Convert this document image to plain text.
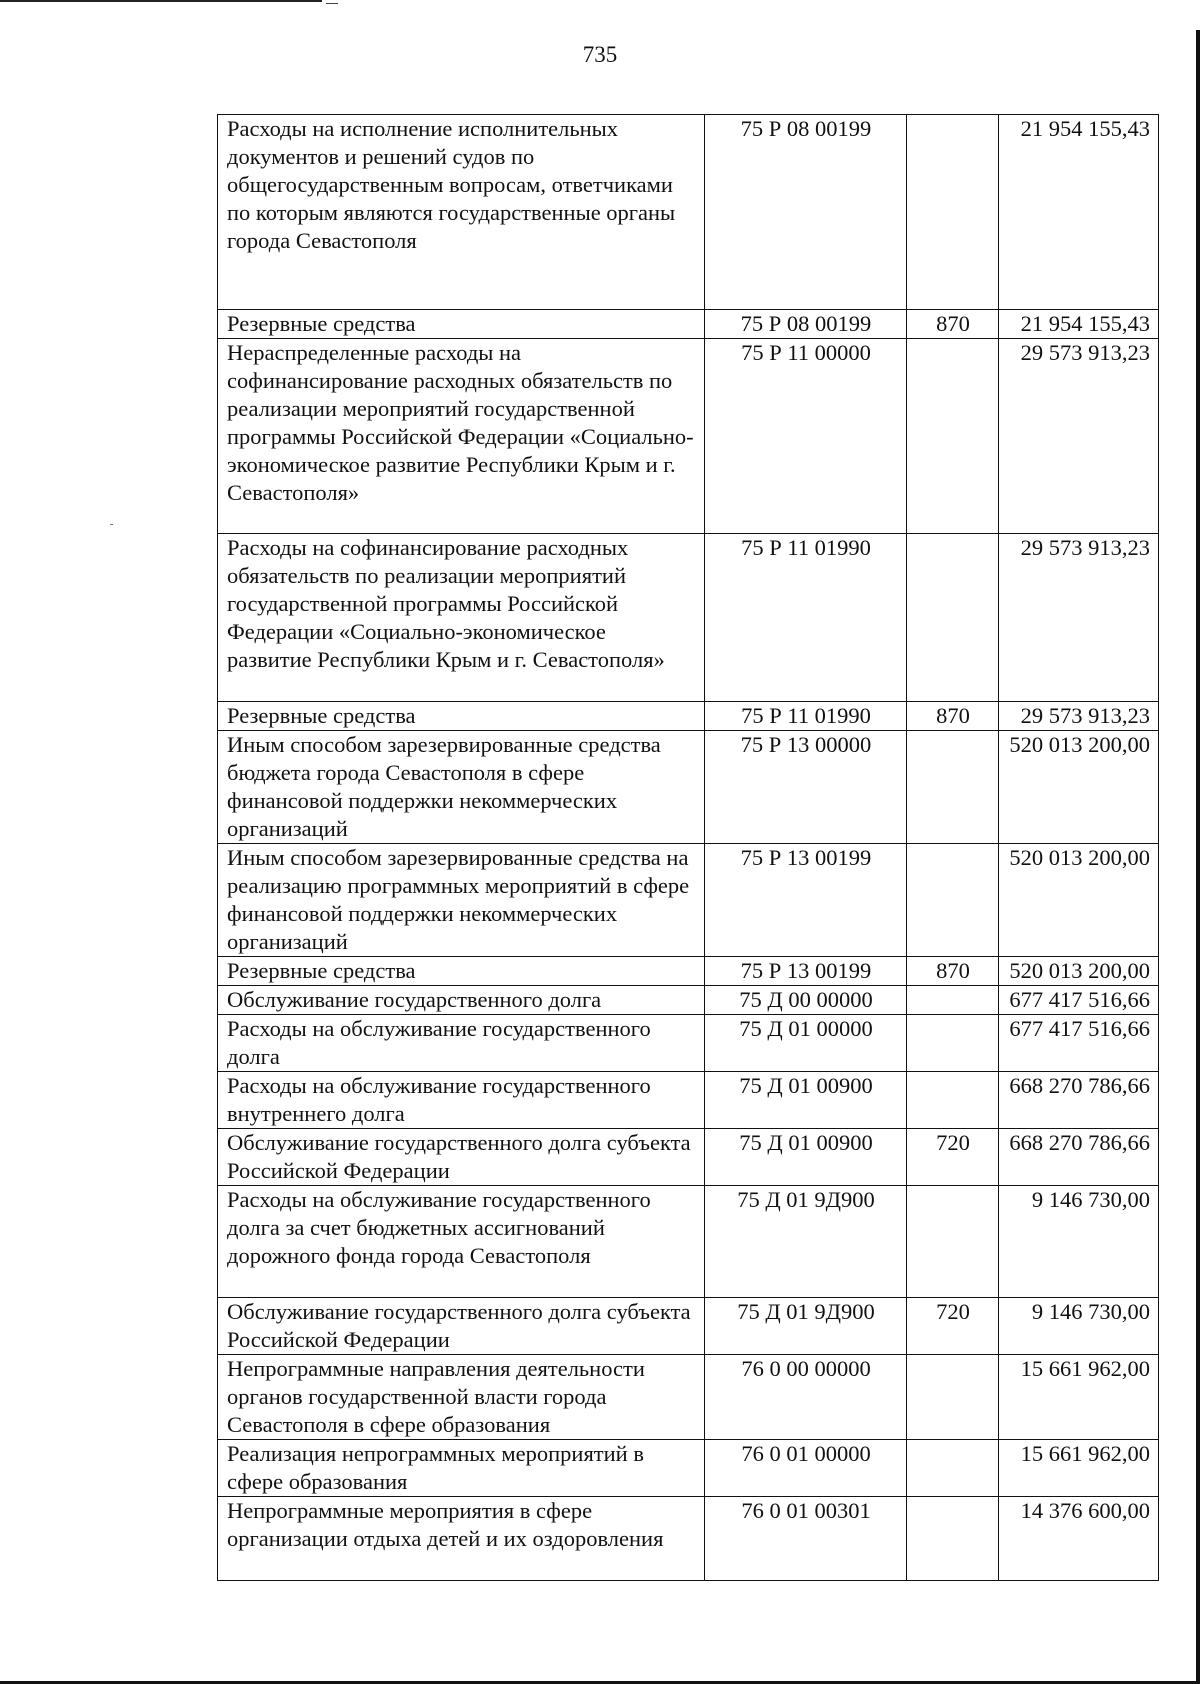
735
Расходы на исполнение исполнительных документов и решений судов по общегосударственным вопросам, ответчиками по которым являются государственные органы города Севастополя	75 Р 08 00199		21 954 155,43
Резервные средства	75 Р 08 00199	870	21 954 155,43
Нераспределенные расходы на софинансирование расходных обязательств по реализации мероприятий государственной программы Российской Федерации «Социально-экономическое развитие Республики Крым и г. Севастополя»	75 Р 11 00000		29 573 913,23
Расходы на софинансирование расходных обязательств по реализации мероприятий государственной программы Российской Федерации «Социально-экономическое развитие Республики Крым и г. Севастополя»	75 Р 11 01990		29 573 913,23
Резервные средства	75 Р 11 01990	870	29 573 913,23
Иным способом зарезервированные средства бюджета города Севастополя в сфере финансовой поддержки некоммерческих организаций	75 Р 13 00000		520 013 200,00
Иным способом зарезервированные средства на реализацию программных мероприятий в сфере финансовой поддержки некоммерческих организаций	75 Р 13 00199		520 013 200,00
Резервные средства	75 Р 13 00199	870	520 013 200,00
Обслуживание государственного долга	75 Д 00 00000		677 417 516,66
Расходы на обслуживание государственного долга	75 Д 01 00000		677 417 516,66
Расходы на обслуживание государственного внутреннего долга	75 Д 01 00900		668 270 786,66
Обслуживание государственного долга субъекта Российской Федерации	75 Д 01 00900	720	668 270 786,66
Расходы на обслуживание государственного долга за счет бюджетных ассигнований дорожного фонда города Севастополя	75 Д 01 9Д900		9 146 730,00
Обслуживание государственного долга субъекта Российской Федерации	75 Д 01 9Д900	720	9 146 730,00
Непрограммные направления деятельности органов государственной власти города Севастополя в сфере образования	76 0 00 00000		15 661 962,00
Реализация непрограммных мероприятий в сфере образования	76 0 01 00000		15 661 962,00
Непрограммные мероприятия в сфере организации отдыха детей и их оздоровления	76 0 01 00301		14 376 600,00
